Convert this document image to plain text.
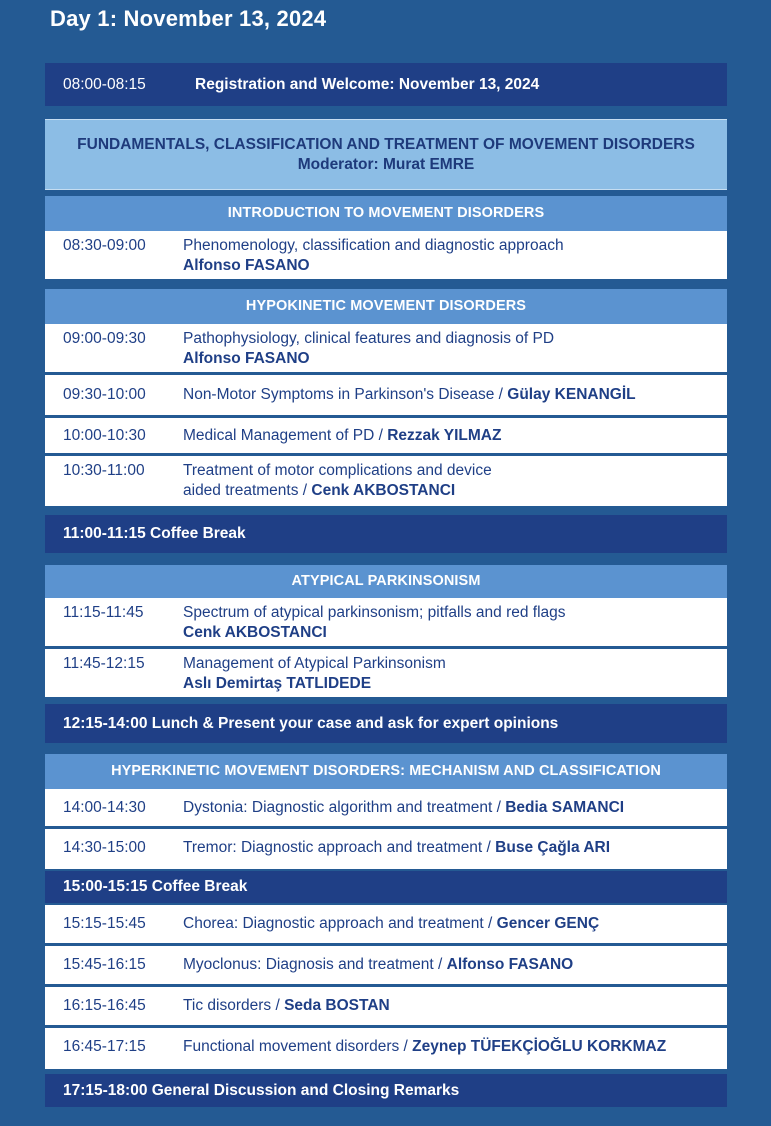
Day 1: November 13, 2024
08:00-08:15	Registration and Welcome: November 13, 2024
FUNDAMENTALS, CLASSIFICATION AND TREATMENT OF MOVEMENT DISORDERS
Moderator: Murat EMRE
INTRODUCTION TO MOVEMENT DISORDERS
08:30-09:00	Phenomenology, classification and diagnostic approach
Alfonso FASANO
HYPOKINETIC MOVEMENT DISORDERS
09:00-09:30	Pathophysiology, clinical features and diagnosis of PD
Alfonso FASANO
09:30-10:00	Non-Motor Symptoms in Parkinson's Disease / Gülay KENANGİL
10:00-10:30	Medical Management of PD / Rezzak YILMAZ
10:30-11:00	Treatment of motor complications and device
aided treatments / Cenk AKBOSTANCI
11:00-11:15 Coffee Break
ATYPICAL PARKINSONISM
11:15-11:45	Spectrum of atypical parkinsonism; pitfalls and red flags
Cenk AKBOSTANCI
11:45-12:15	Management of Atypical Parkinsonism
Aslı Demirtaş TATLIDEDE
12:15-14:00 Lunch & Present your case and ask for expert opinions
HYPERKINETIC MOVEMENT DISORDERS: MECHANISM AND CLASSIFICATION
14:00-14:30	Dystonia: Diagnostic algorithm and treatment / Bedia SAMANCI
14:30-15:00	Tremor: Diagnostic approach and treatment / Buse Çağla ARI
15:00-15:15 Coffee Break
15:15-15:45	Chorea: Diagnostic approach and treatment / Gencer GENÇ
15:45-16:15	Myoclonus: Diagnosis and treatment / Alfonso FASANO
16:15-16:45	Tic disorders / Seda BOSTAN
16:45-17:15	Functional movement disorders / Zeynep TÜFEKÇİOĞLU KORKMAZ
17:15-18:00 General Discussion and Closing Remarks
